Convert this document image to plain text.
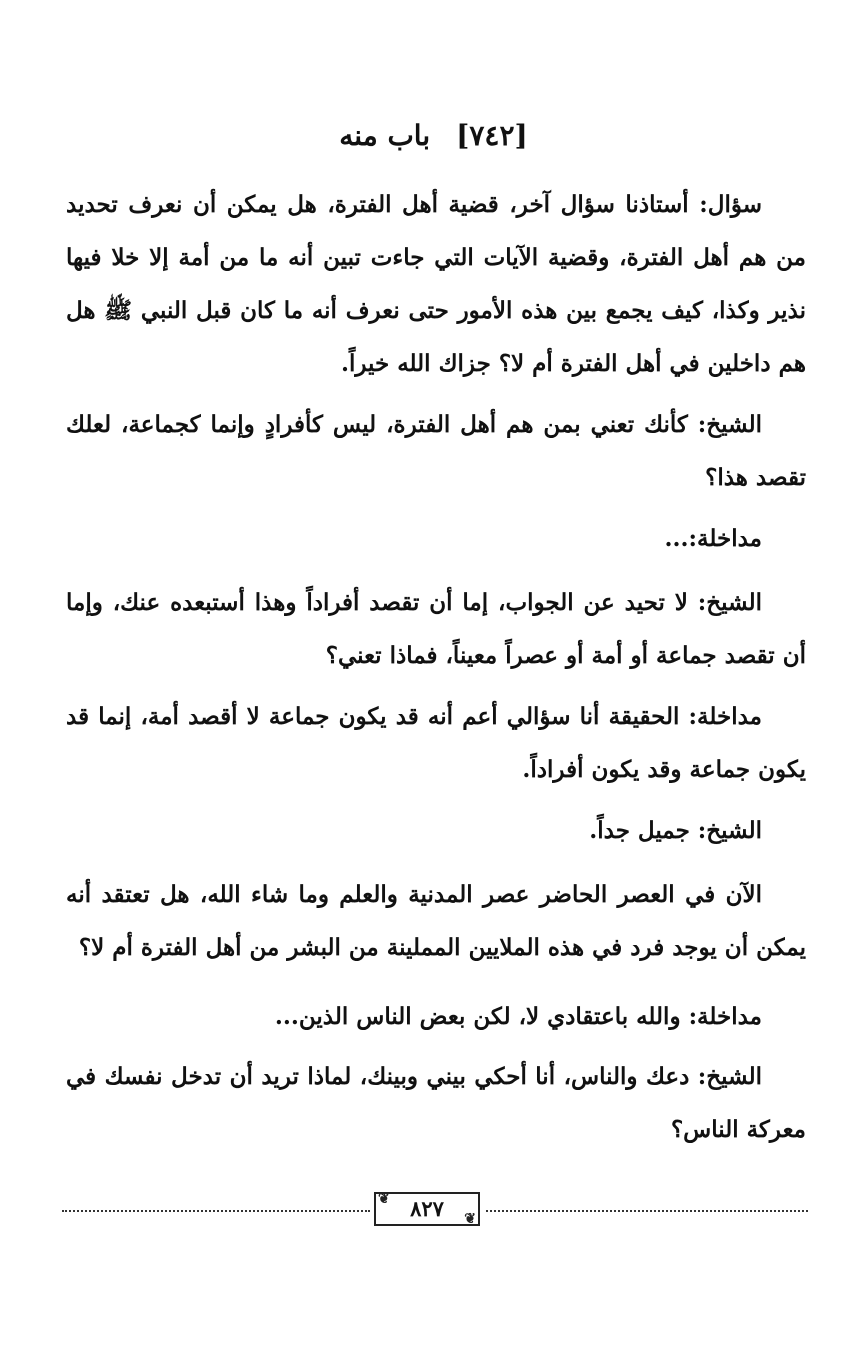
[٧٤٢]باب منه
سؤال: أستاذنا سؤال آخر، قضية أهل الفترة، هل يمكن أن نعرف تحديد من هم أهل الفترة، وقضية الآيات التي جاءت تبين أنه ما من أمة إلا خلا فيها نذير وكذا، كيف يجمع بين هذه الأمور حتى نعرف أنه ما كان قبل النبي ﷺ هل هم داخلين في أهل الفترة أم لا؟ جزاك الله خيراً.
الشيخ: كأنك تعني بمن هم أهل الفترة، ليس كأفرادٍ وإنما كجماعة، لعلك تقصد هذا؟
مداخلة:...
الشيخ: لا تحيد عن الجواب، إما أن تقصد أفراداً وهذا أستبعده عنك، وإما أن تقصد جماعة أو أمة أو عصراً معيناً، فماذا تعني؟
مداخلة: الحقيقة أنا سؤالي أعم أنه قد يكون جماعة لا أقصد أمة، إنما قد يكون جماعة وقد يكون أفراداً.
الشيخ: جميل جداً.
الآن في العصر الحاضر عصر المدنية والعلم وما شاء الله، هل تعتقد أنه يمكن أن يوجد فرد في هذه الملايين المملينة من البشر من أهل الفترة أم لا؟
مداخلة: والله باعتقادي لا، لكن بعض الناس الذين...
الشيخ: دعك والناس، أنا أحكي بيني وبينك، لماذا تريد أن تدخل نفسك في معركة الناس؟
❦ ٨٢٧ ❦
